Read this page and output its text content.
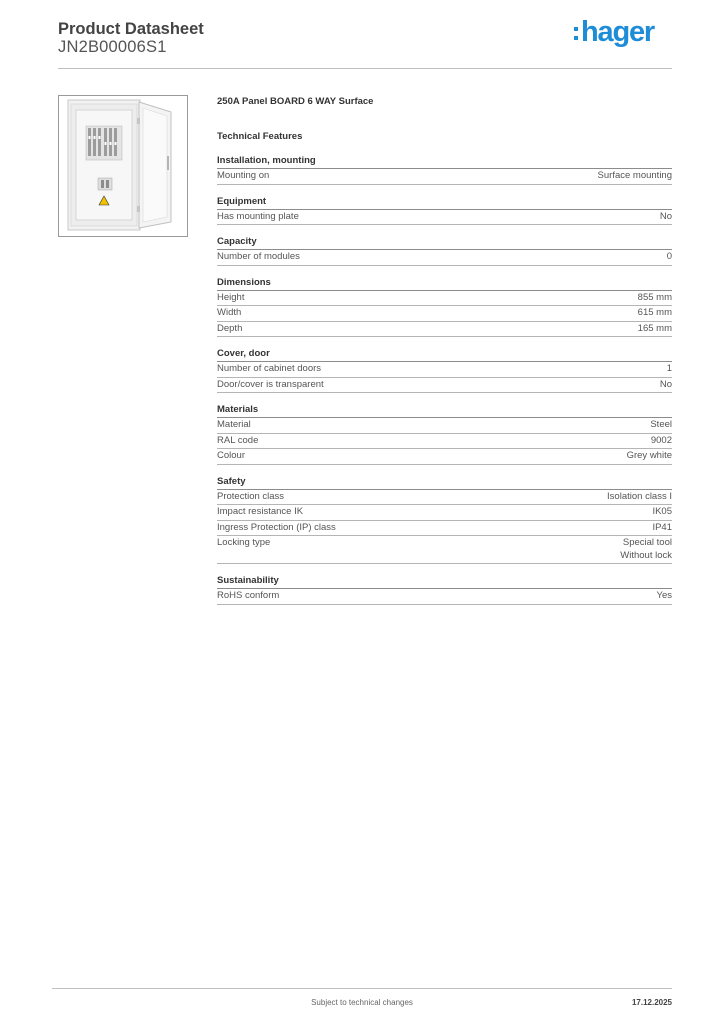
Product Datasheet
JN2B00006S1	hager
250A Panel BOARD 6 WAY Surface
Technical Features
Installation, mounting
Mounting on	Surface mounting
Equipment
Has mounting plate	No
Capacity
Number of modules	0
Dimensions
Height	855 mm
Width	615 mm
Depth	165 mm
Cover, door
Number of cabinet doors	1
Door/cover is transparent	No
Materials
Material	Steel
RAL code	9002
Colour	Grey white
Safety
Protection class	Isolation class I
Impact resistance IK	IK05
Ingress Protection (IP) class	IP41
Locking type	Special tool
Without lock
Sustainability
RoHS conform	Yes
Subject to technical changes	17.12.2025
